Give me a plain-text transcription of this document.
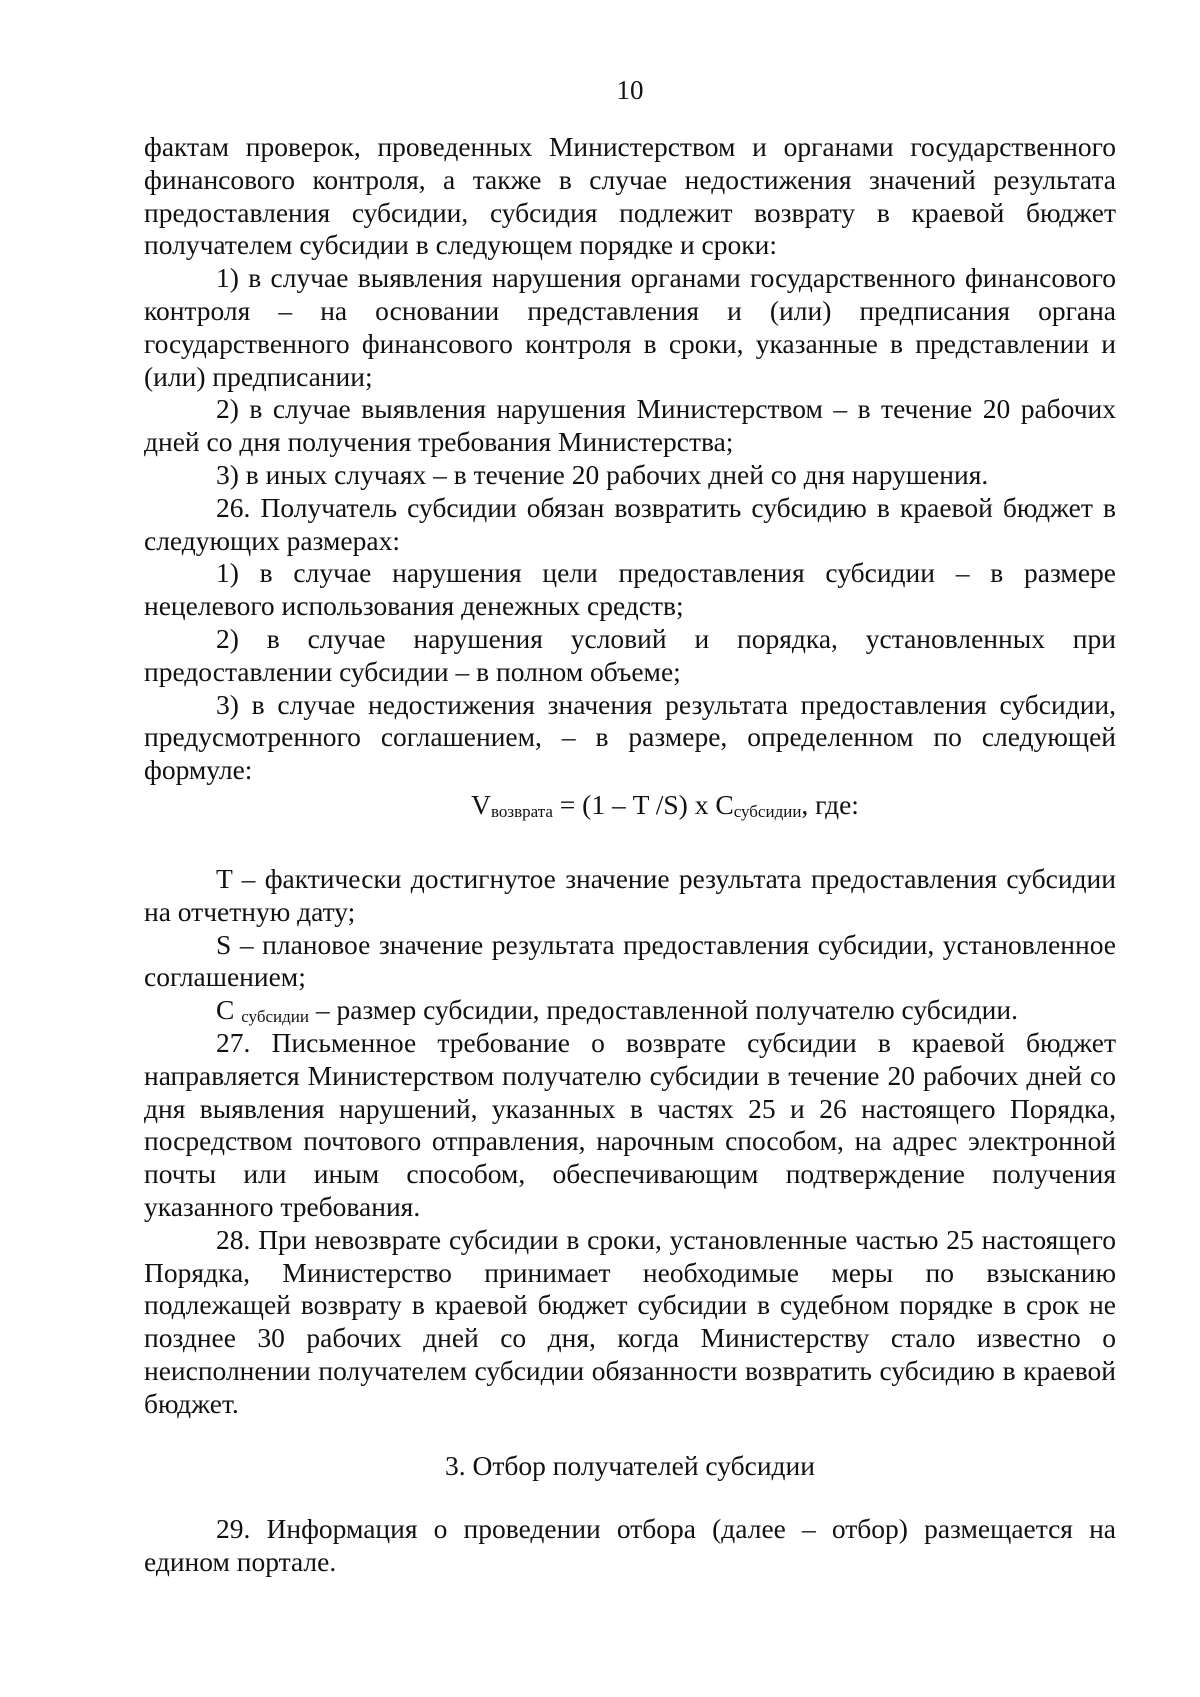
10

фактам проверок, проведенных Министерством и органами государственного финансового контроля, а также в случае недостижения значений результата предоставления субсидии, субсидия подлежит возврату в краевой бюджет получателем субсидии в следующем порядке и сроки:

1) в случае выявления нарушения органами государственного финансового контроля – на основании представления и (или) предписания органа государственного финансового контроля в сроки, указанные в представлении и (или) предписании;

2) в случае выявления нарушения Министерством – в течение 20 рабочих дней со дня получения требования Министерства;

3) в иных случаях – в течение 20 рабочих дней со дня нарушения.

26. Получатель субсидии обязан возвратить субсидию в краевой бюджет в следующих размерах:

1) в случае нарушения цели предоставления субсидии – в размере нецелевого использования денежных средств;

2) в случае нарушения условий и порядка, установленных при предоставлении субсидии – в полном объеме;

3) в случае недостижения значения результата предоставления субсидии, предусмотренного соглашением, – в размере, определенном по следующей формуле:

$V_{возврата} = (1 - T$ /S) x $C_{субсидии}$, где:

T – фактически достигнутое значение результата предоставления субсидии на отчетную дату;

S – плановое значение результата предоставления субсидии, установленное соглашением;

C $_{субсидии}$ – размер субсидии, предоставленной получателю субсидии.

27. Письменное требование о возврате субсидии в краевой бюджет направляется Министерством получателю субсидии в течение 20 рабочих дней со дня выявления нарушений, указанных в частях 25 и 26 настоящего Порядка, посредством почтового отправления, нарочным способом, на адрес электронной почты или иным способом, обеспечивающим подтверждение получения указанного требования.

28. При невозврате субсидии в сроки, установленные частью 25 настоящего Порядка, Министерство принимает необходимые меры по взысканию подлежащей возврату в краевой бюджет субсидии в судебном порядке в срок не позднее 30 рабочих дней со дня, когда Министерству стало известно о неисполнении получателем субсидии обязанности возвратить субсидию в краевой бюджет.

3. Отбор получателей субсидии

29. Информация о проведении отбора (далее – отбор) размещается на едином портале.
